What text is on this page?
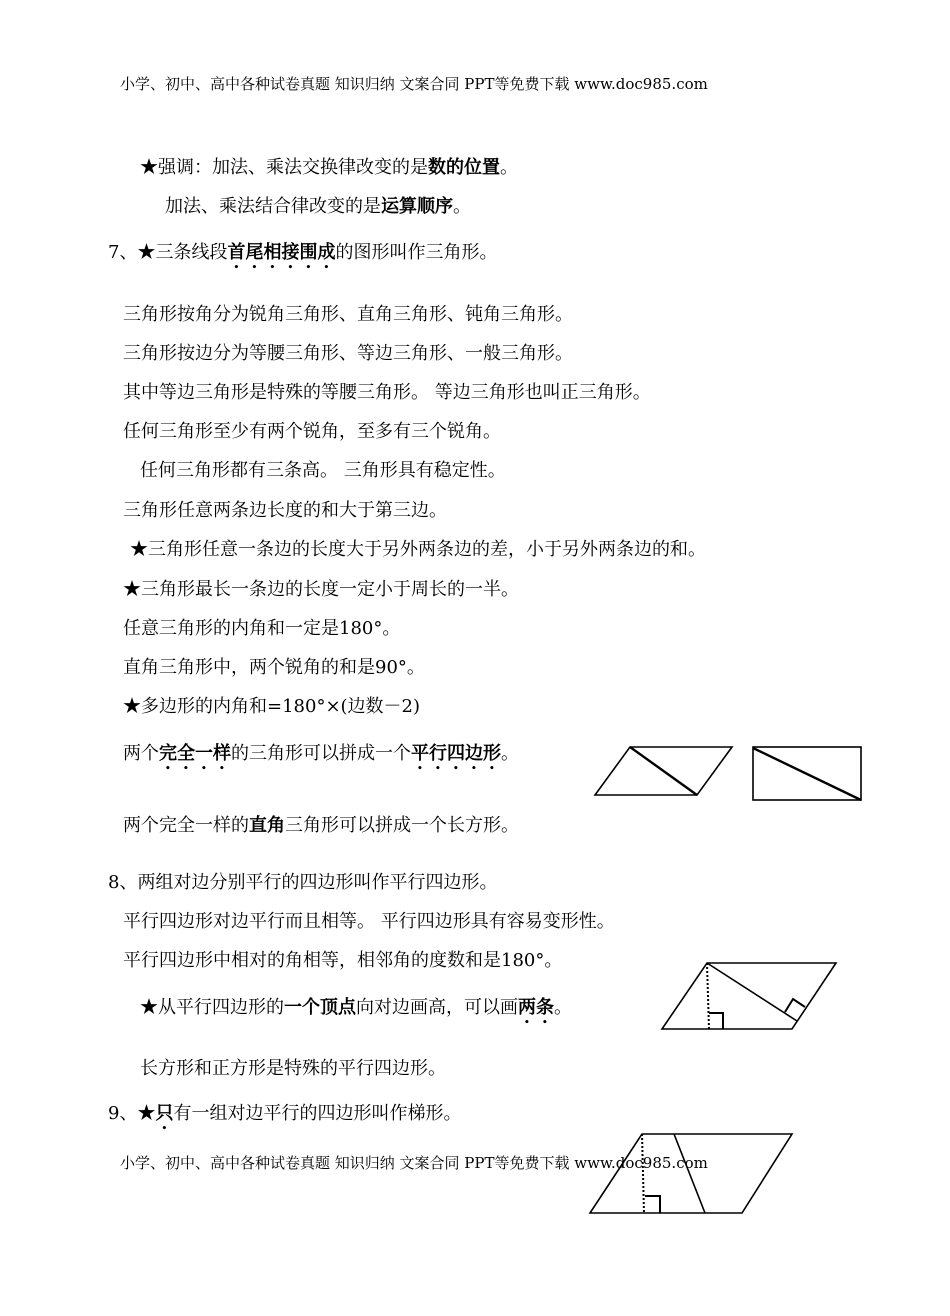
小学、初中、高中各种试卷真题 知识归纳 文案合同 PPT等免费下载 www.doc985.com
★强调：加法、乘法交换律改变的是数的位置。
加法、乘法结合律改变的是运算顺序。
7、★三条线段首尾相接围成的图形叫作三角形。
三角形按角分为锐角三角形、直角三角形、钝角三角形。
三角形按边分为等腰三角形、等边三角形、一般三角形。
其中等边三角形是特殊的等腰三角形。 等边三角形也叫正三角形。
任何三角形至少有两个锐角，至多有三个锐角。
任何三角形都有三条高。 三角形具有稳定性。
三角形任意两条边长度的和大于第三边。
★三角形任意一条边的长度大于另外两条边的差，小于另外两条边的和。
★三角形最长一条边的长度一定小于周长的一半。
任意三角形的内角和一定是180°。
直角三角形中，两个锐角的和是90°。
★多边形的内角和=180°×(边数－2)
两个完全一样的三角形可以拼成一个平行四边形。
两个完全一样的直角三角形可以拼成一个长方形。
8、两组对边分别平行的四边形叫作平行四边形。
平行四边形对边平行而且相等。 平行四边形具有容易变形性。
平行四边形中相对的角相等，相邻角的度数和是180°。
★从平行四边形的一个顶点向对边画高，可以画两条。
长方形和正方形是特殊的平行四边形。
9、★只有一组对边平行的四边形叫作梯形。
小学、初中、高中各种试卷真题 知识归纳 文案合同 PPT等免费下载 www.doc985.com
